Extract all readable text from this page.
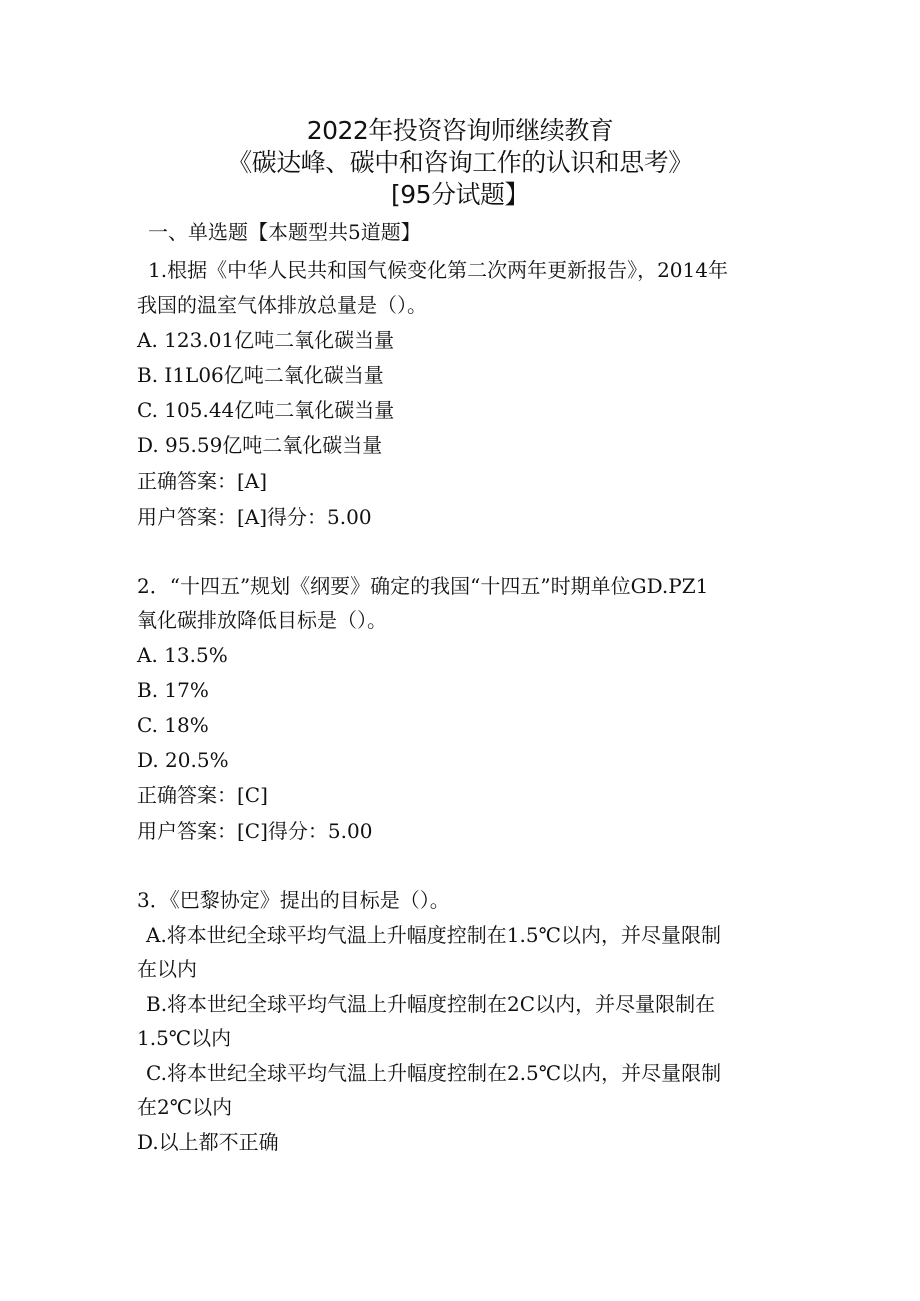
2022年投资咨询师继续教育
《碳达峰、碳中和咨询工作的认识和思考》
[95分试题】

一、单选题【本题型共5道题】

1.根据《中华人民共和国气候变化第二次两年更新报告》，2014年

我国的温室气体排放总量是（）。

A. 123.01亿吨二氧化碳当量

B. I1L06亿吨二氧化碳当量

C. 105.44亿吨二氧化碳当量

D. 95.59亿吨二氧化碳当量

正确答案：[A]

用户答案：[A]得分：5.00

2．“十四五”规划《纲要》确定的我国“十四五”时期单位GD.PZ1

氧化碳排放降低目标是（）。

A. 13.5%

B. 17%

C. 18%

D. 20.5%

正确答案：[C]

用户答案：[C]得分：5.00

3．《巴黎协定》提出的目标是（）。

A.将本世纪全球平均气温上升幅度控制在1.5℃以内，并尽量限制

在以内

B.将本世纪全球平均气温上升幅度控制在2C以内，并尽量限制在

1.5℃以内

C.将本世纪全球平均气温上升幅度控制在2.5℃以内，并尽量限制

在2℃以内

D.以上都不正确
